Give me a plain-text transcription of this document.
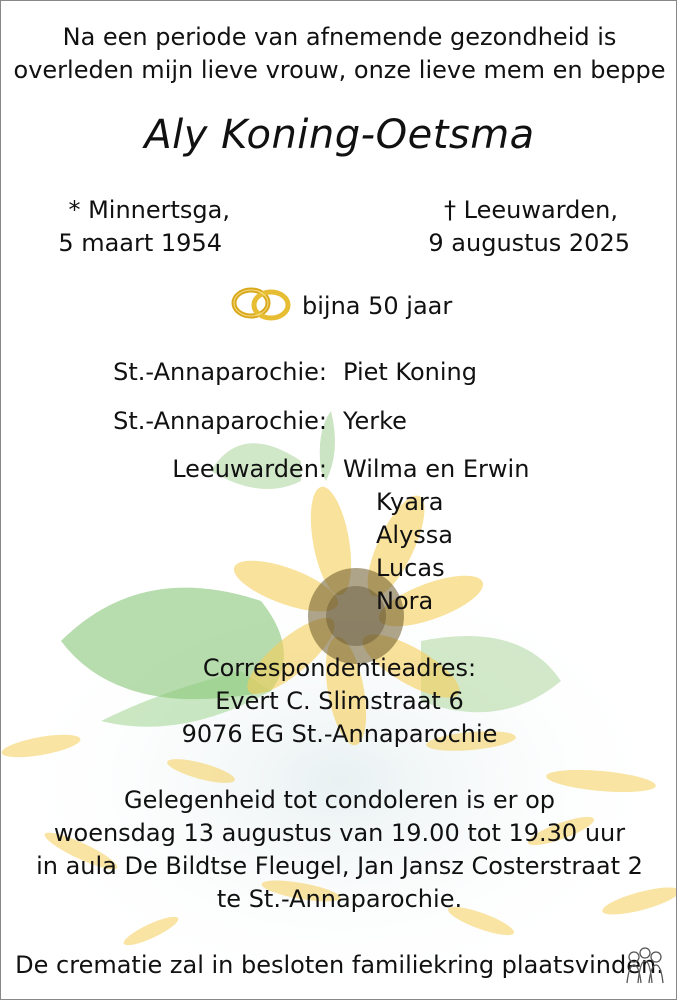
Na een periode van afnemende gezondheid is
overleden mijn lieve vrouw, onze lieve mem en beppe
Aly Koning-Oetsma
* Minnertsga,
5 maart 1954
† Leeuwarden,
9 augustus 2025
bijna 50 jaar
St.-Annaparochie: Piet Koning
St.-Annaparochie: Yerke
Leeuwarden: Wilma en Erwin
Kyara
Alyssa
Lucas
Nora
Correspondentieadres:
Evert C. Slimstraat 6
9076 EG St.-Annaparochie
Gelegenheid tot condoleren is er op
woensdag 13 augustus van 19.00 tot 19.30 uur
in aula De Bildtse Fleugel, Jan Jansz Costerstraat 2
te St.-Annaparochie.
De crematie zal in besloten familiekring plaatsvinden.
